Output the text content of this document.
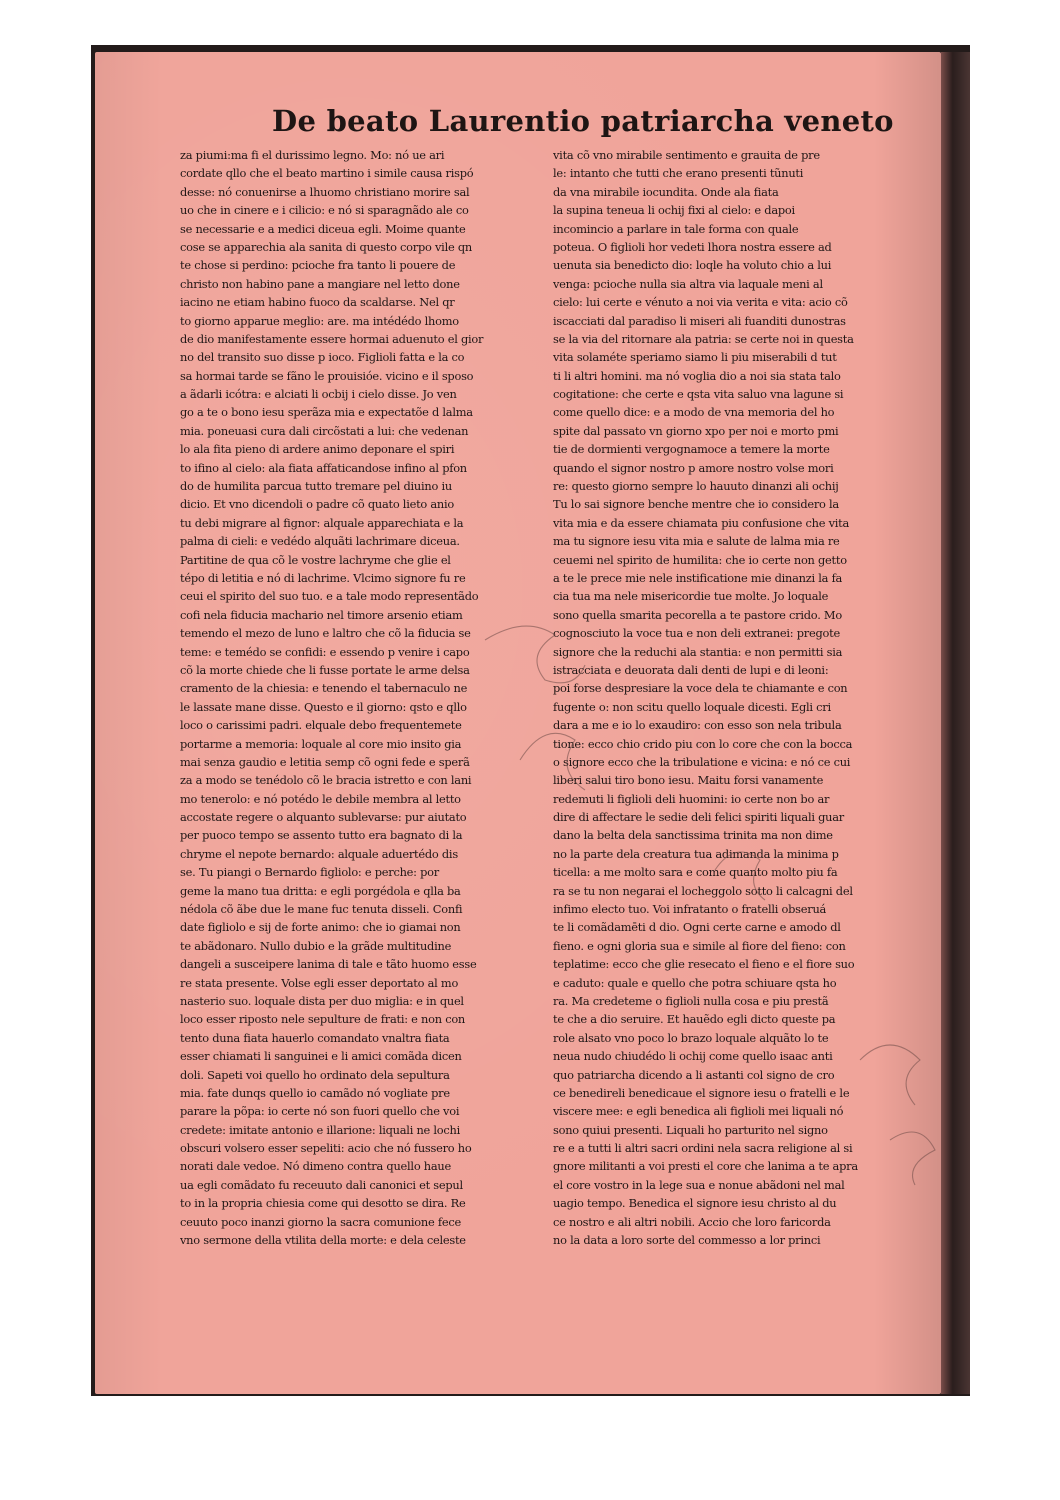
De beato Laurentio patriarcha veneto
za piumi:ma fi el durissimo legno. Mo: nó ue ari
cordate qllo che el beato martino i simile causa rispó
desse: nó conuenirse a lhuomo christiano morire sal
uo che in cinere e i cilicio: e nó si sparagnãdo ale co
se necessarie e a medici diceua egli. Moime quante
cose se apparechia ala sanita di questo corpo vile qn
te chose si perdino: pcioche fra tanto li pouere de
christo non habino pane a mangiare nel letto done
iacino ne etiam habino fuoco da scaldarse. Nel qr
to giorno apparue meglio: are. ma intédédo lhomo
de dio manifestamente essere hormai aduenuto el gior
no del transito suo disse p ioco. Figlioli fatta e la co
sa hormai tarde se fãno le prouisióe. vicino e il sposo
a ãdarli icótra: e alciati li ocbij i cielo disse. Jo ven
go a te o bono iesu sperãza mia e expectatõe d lalma
mia. poneuasi cura dali circõstati a lui: che vedenan
lo ala fita pieno di ardere animo deponare el spiri
to ifino al cielo: ala fiata affaticandose infino al pfon
do de humilita parcua tutto tremare pel diuino iu
dicio. Et vno dicendoli o padre cõ quato lieto anio
tu debi migrare al fignor: alquale apparechiata e la
palma di cieli: e vedédo alquãti lachrimare diceua.
Partitine de qua cõ le vostre lachryme che glie el
tépo di letitia e nó di lachrime. Vlcimo signore fu re
ceui el spirito del suo tuo. e a tale modo representãdo
cofi nela fiducia machario nel timore arsenio etiam
temendo el mezo de luno e laltro che cõ la fiducia se
teme: e temédo se confidi: e essendo p venire i capo
cõ la morte chiede che li fusse portate le arme delsa
cramento de la chiesia: e tenendo el tabernaculo ne
le lassate mane disse. Questo e il giorno: qsto e qllo
loco o carissimi padri. elquale debo frequentemete
portarme a memoria: loquale al core mio insito gia
mai senza gaudio e letitia semp cõ ogni fede e sperã
za a modo se tenédolo cõ le bracia istretto e con lani
mo tenerolo: e nó potédo le debile membra al letto
accostate regere o alquanto sublevarse: pur aiutato
per puoco tempo se assento tutto era bagnato di la
chryme el nepote bernardo: alquale aduertédo dis
se. Tu piangi o Bernardo figliolo: e perche: por
geme la mano tua dritta: e egli porgédola e qlla ba
nédola cõ ãbe due le mane fuc tenuta disseli. Confi
date figliolo e sij de forte animo: che io giamai non
te abãdonaro. Nullo dubio e la grãde multitudine
dangeli a susceipere lanima di tale e tãto huomo esse
re stata presente. Volse egli esser deportato al mo
nasterio suo. loquale dista per duo miglia: e in quel
loco esser riposto nele sepulture de frati: e non con
tento duna fiata hauerlo comandato vnaltra fiata
esser chiamati li sanguinei e li amici comãda dicen
doli. Sapeti voi quello ho ordinato dela sepultura
mia. fate dunqs quello io camãdo nó vogliate pre
parare la põpa: io certe nó son fuori quello che voi
credete: imitate antonio e illarione: liquali ne lochi
obscuri volsero esser sepeliti: acio che nó fussero ho
norati dale vedoe. Nó dimeno contra quello haue
ua egli comãdato fu receuuto dali canonici et sepul
to in la propria chiesia come qui desotto se dira. Re
ceuuto poco inanzi giorno la sacra comunione fece
vno sermone della vtilita della morte: e dela celeste
vita cõ vno mirabile sentimento e grauita de pre
le: intanto che tutti che erano presenti tũnuti
da vna mirabile iocundita. Onde ala fiata
la supina teneua li ochij fixi al cielo: e dapoi
incomincio a parlare in tale forma con quale
poteua. O figlioli hor vedeti lhora nostra essere ad
uenuta sia benedicto dio: loqle ha voluto chio a lui
venga: pcioche nulla sia altra via laquale meni al
cielo: lui certe e vénuto a noi via verita e vita: acio cõ
iscacciati dal paradiso li miseri ali fuanditi dunostras
se la via del ritornare ala patria: se certe noi in questa
vita solaméte speriamo siamo li piu miserabili d tut
ti li altri homini. ma nó voglia dio a noi sia stata talo
cogitatione: che certe e qsta vita saluo vna lagune si
come quello dice: e a modo de vna memoria del ho
spite dal passato vn giorno xpo per noi e morto pmi
tie de dormienti vergognamoce a temere la morte
quando el signor nostro p amore nostro volse mori
re: questo giorno sempre lo hauuto dinanzi ali ochij
Tu lo sai signore benche mentre che io considero la
vita mia e da essere chiamata piu confusione che vita
ma tu signore iesu vita mia e salute de lalma mia re
ceuemi nel spirito de humilita: che io certe non getto
a te le prece mie nele instificatione mie dinanzi la fa
cia tua ma nele misericordie tue molte. Jo loquale
sono quella smarita pecorella a te pastore crido. Mo
cognosciuto la voce tua e non deli extranei: pregote
signore che la reduchi ala stantia: e non permitti sia
istracciata e deuorata dali denti de lupi e di leoni:
poi forse despresiare la voce dela te chiamante e con
fugente o: non scitu quello loquale dicesti. Egli cri
dara a me e io lo exaudiro: con esso son nela tribula
tione: ecco chio crido piu con lo core che con la bocca
o signore ecco che la tribulatione e vicina: e nó ce cui
liberi salui tiro bono iesu. Maitu forsi vanamente
redemuti li figlioli deli huomini: io certe non bo ar
dire di affectare le sedie deli felici spiriti liquali guar
dano la belta dela sanctissima trinita ma non dime
no la parte dela creatura tua adimanda la minima p
ticella: a me molto sara e come quanto molto piu fa
ra se tu non negarai el locheggolo sotto li calcagni del
infimo electo tuo. Voi infratanto o fratelli obseruá
te li comãdamēti d dio. Ogni certe carne e amodo dl
fieno. e ogni gloria sua e simile al fiore del fieno: con
teplatime: ecco che glie resecato el fieno e el fiore suo
e caduto: quale e quello che potra schiuare qsta ho
ra. Ma credeteme o figlioli nulla cosa e piu prestã
te che a dio seruire. Et hauẽdo egli dicto queste pa
role alsato vno poco lo brazo loquale alquãto lo te
neua nudo chiudédo li ochij come quello isaac anti
quo patriarcha dicendo a li astanti col signo de cro
ce benedireli benedicaue el signore iesu o fratelli e le
viscere mee: e egli benedica ali figlioli mei liquali nó
sono quiui presenti. Liquali ho parturito nel signo
re e a tutti li altri sacri ordini nela sacra religione al si
gnore militanti a voi presti el core che lanima a te apra
el core vostro in la lege sua e nonue abãdoni nel mal
uagio tempo. Benedica el signore iesu christo al du
ce nostro e ali altri nobili. Accio che loro faricorda
no la data a loro sorte del commesso a lor princi
